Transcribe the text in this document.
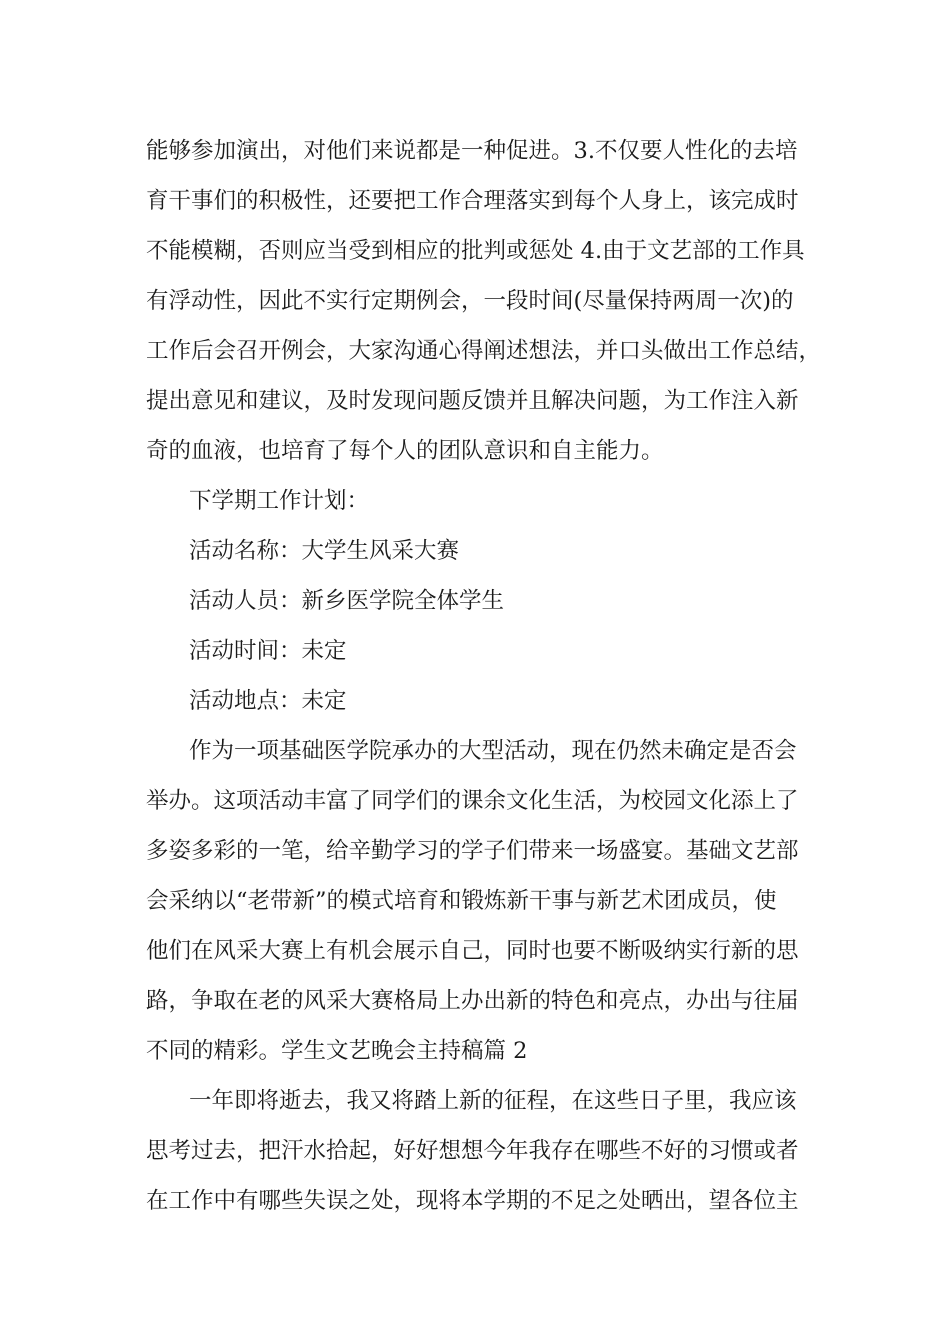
能够参加演出，对他们来说都是一种促进。3.不仅要人性化的去培
育干事们的积极性，还要把工作合理落实到每个人身上，该完成时
不能模糊，否则应当受到相应的批判或惩处 4.由于文艺部的工作具
有浮动性，因此不实行定期例会，一段时间(尽量保持两周一次)的
工作后会召开例会，大家沟通心得阐述想法，并口头做出工作总结，
提出意见和建议，及时发现问题反馈并且解决问题，为工作注入新
奇的血液，也培育了每个人的团队意识和自主能力。
下学期工作计划：
活动名称：大学生风采大赛
活动人员：新乡医学院全体学生
活动时间：未定
活动地点：未定
作为一项基础医学院承办的大型活动，现在仍然未确定是否会
举办。这项活动丰富了同学们的课余文化生活，为校园文化添上了
多姿多彩的一笔，给辛勤学习的学子们带来一场盛宴。基础文艺部
会采纳以“老带新”的模式培育和锻炼新干事与新艺术团成员，使
他们在风采大赛上有机会展示自己，同时也要不断吸纳实行新的思
路，争取在老的风采大赛格局上办出新的特色和亮点，办出与往届
不同的精彩。学生文艺晚会主持稿篇 2
一年即将逝去，我又将踏上新的征程，在这些日子里，我应该
思考过去，把汗水拾起，好好想想今年我存在哪些不好的习惯或者
在工作中有哪些失误之处，现将本学期的不足之处晒出，望各位主
